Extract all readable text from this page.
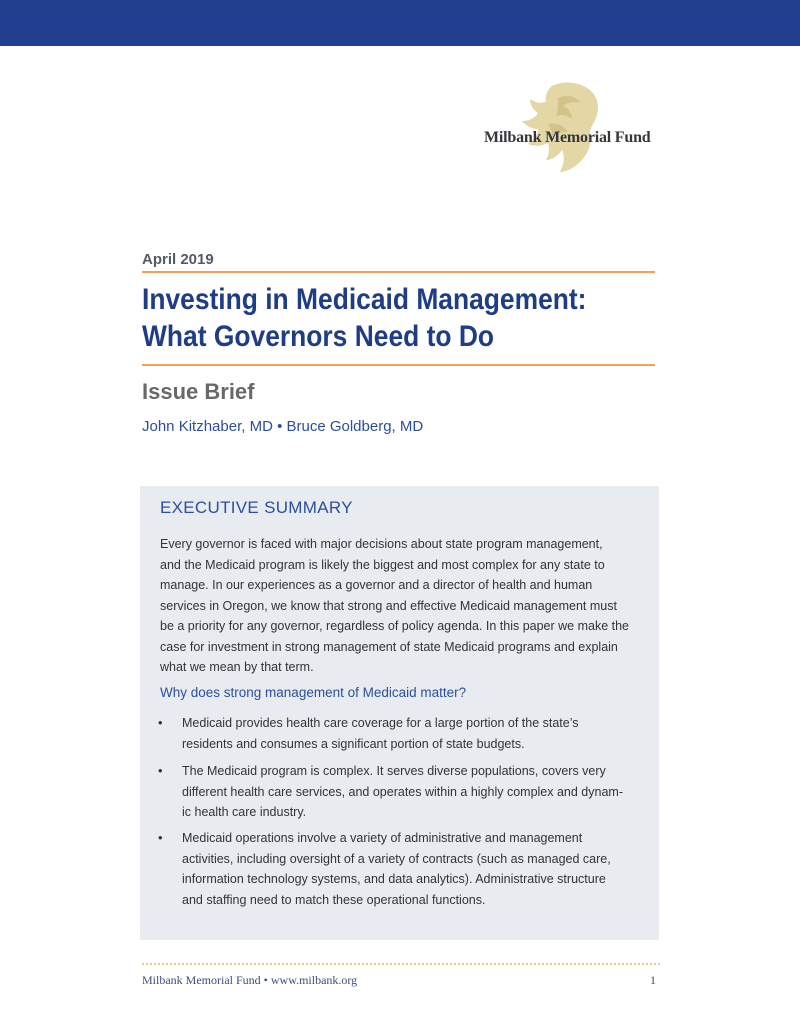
Milbank Memorial Fund
April 2019
Investing in Medicaid Management:
What Governors Need to Do
Issue Brief
John Kitzhaber, MD • Bruce Goldberg, MD
EXECUTIVE SUMMARY

Every governor is faced with major decisions about state program management,
and the Medicaid program is likely the biggest and most complex for any state to
manage. In our experiences as a governor and a director of health and human
services in Oregon, we know that strong and effective Medicaid management must
be a priority for any governor, regardless of policy agenda. In this paper we make the
case for investment in strong management of state Medicaid programs and explain
what we mean by that term.

Why does strong management of Medicaid matter?
• Medicaid provides health care coverage for a large portion of the state’s
residents and consumes a significant portion of state budgets.
• The Medicaid program is complex. It serves diverse populations, covers very
different health care services, and operates within a highly complex and dynam-
ic health care industry.
• Medicaid operations involve a variety of administrative and management
activities, including oversight of a variety of contracts (such as managed care,
information technology systems, and data analytics). Administrative structure
and staffing need to match these operational functions.
Milbank Memorial Fund • www.milbank.org	1
